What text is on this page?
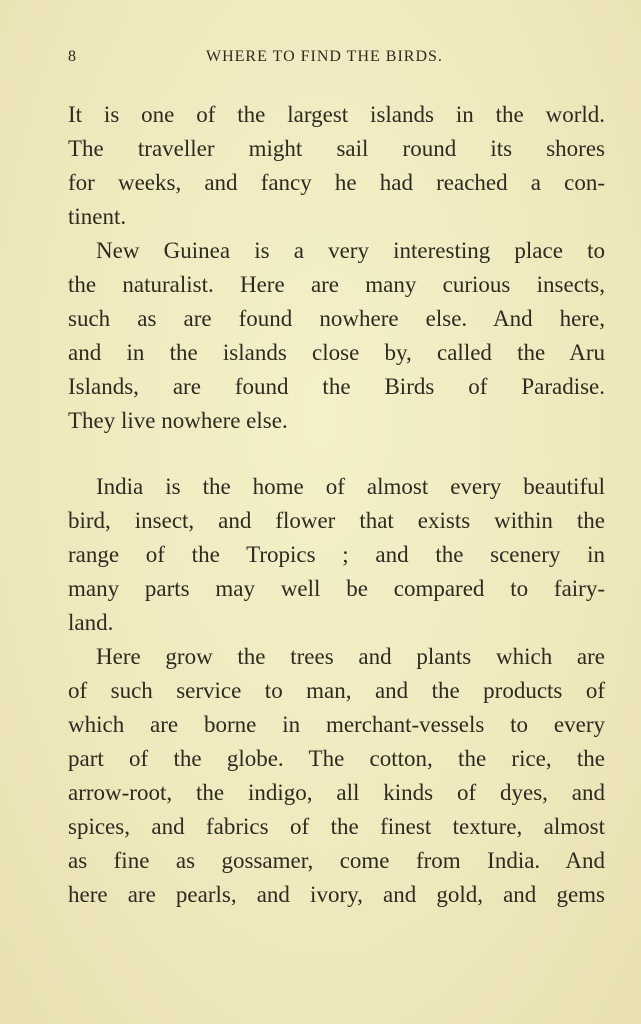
8	WHERE TO FIND THE BIRDS.
It is one of the largest islands in the world.
The traveller might sail round its shores
for weeks, and fancy he had reached a con-
tinent.
New Guinea is a very interesting place to
the naturalist. Here are many curious insects,
such as are found nowhere else. And here,
and in the islands close by, called the Aru
Islands, are found the Birds of Paradise.
They live nowhere else.
India is the home of almost every beautiful
bird, insect, and flower that exists within the
range of the Tropics ; and the scenery in
many parts may well be compared to fairy-
land.
Here grow the trees and plants which are
of such service to man, and the products of
which are borne in merchant-vessels to every
part of the globe. The cotton, the rice, the
arrow-root, the indigo, all kinds of dyes, and
spices, and fabrics of the finest texture, almost
as fine as gossamer, come from India. And
here are pearls, and ivory, and gold, and gems
